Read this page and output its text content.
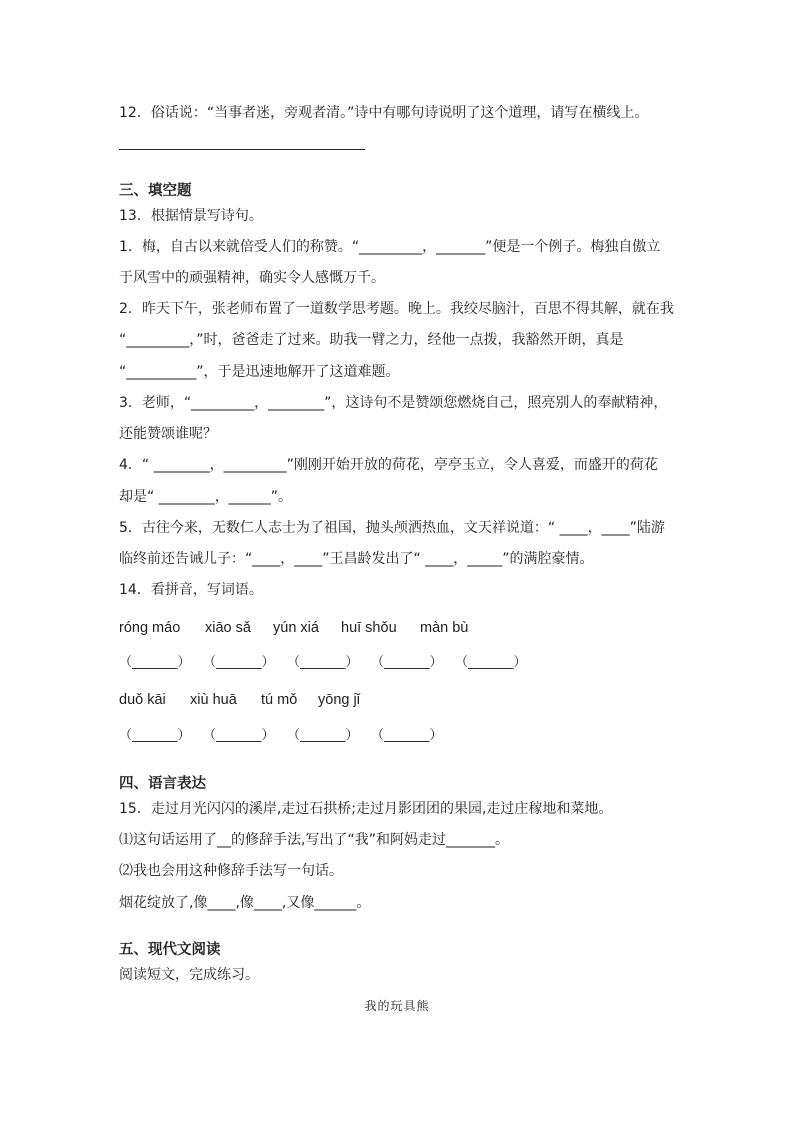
12．俗话说：“当事者迷，旁观者清。”诗中有哪句诗说明了这个道理，请写在横线上。
三、填空题
13．根据情景写诗句。
1．梅，自古以来就倍受人们的称赞。“_________，_______”便是一个例子。梅独自傲立
于风雪中的顽强精神，确实令人感慨万千。
2．昨天下午，张老师布置了一道数学思考题。晚上。我绞尽脑汁，百思不得其解，就在我
“_________，”时，爸爸走了过来。助我一臂之力，经他一点拨，我豁然开朗，真是
“__________”，于是迅速地解开了这道难题。
3．老师，“_________，________”，这诗句不是赞颂您燃烧自己，照亮别人的奉献精神，
还能赞颂谁呢？
4．“ ________，_________”刚刚开始开放的荷花，亭亭玉立，令人喜爱，而盛开的荷花
却是“ ________，______”。
5．古往今来，无数仁人志士为了祖国，抛头颅洒热血，文天祥说道：“ ____，____”陆游
临终前还告诫儿子：“____，____”王昌龄发出了“ ____，_____”的满腔豪情。
14．看拼音，写词语。
róng máo xiāo sǎ yún xiá huī shǒu màn bù
（_______） （_______） （_______） （_______） （_______）
duǒ kāi xiù huā tú mǒ yōng jǐ
（_______） （_______） （_______） （_______）
四、语言表达
15．走过月光闪闪的溪岸,走过石拱桥;走过月影团团的果园,走过庄稼地和菜地。
⑴这句话运用了__的修辞手法,写出了“我”和阿妈走过_______。
⑵我也会用这种修辞手法写一句话。
烟花绽放了,像____,像____,又像______。
五、现代文阅读
阅读短文，完成练习。
我的玩具熊
